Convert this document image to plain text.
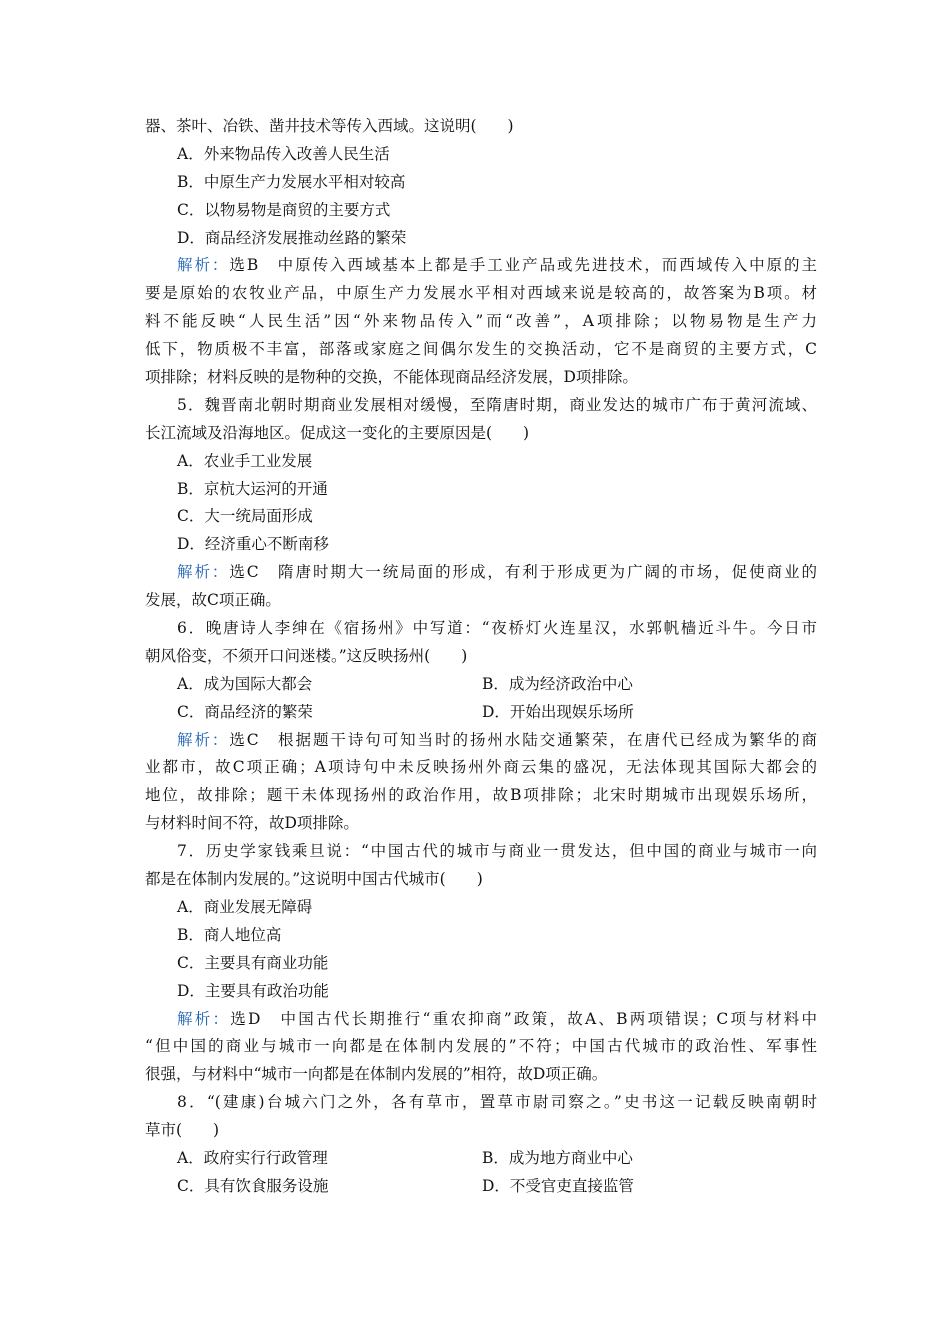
器、茶叶、冶铁、凿井技术等传入西域。这说明(　　)
A．外来物品传入改善人民生活
B．中原生产力发展水平相对较高
C．以物易物是商贸的主要方式
D．商品经济发展推动丝路的繁荣
解析：选B　中原传入西域基本上都是手工业产品或先进技术，而西域传入中原的主
要是原始的农牧业产品，中原生产力发展水平相对西域来说是较高的，故答案为B项。材
料不能反映“人民生活”因“外来物品传入”而“改善”，A项排除；以物易物是生产力
低下，物质极不丰富，部落或家庭之间偶尔发生的交换活动，它不是商贸的主要方式，C
项排除；材料反映的是物种的交换，不能体现商品经济发展，D项排除。
5．魏晋南北朝时期商业发展相对缓慢，至隋唐时期，商业发达的城市广布于黄河流域、
长江流域及沿海地区。促成这一变化的主要原因是(　　)
A．农业手工业发展
B．京杭大运河的开通
C．大一统局面形成
D．经济重心不断南移
解析：选C　隋唐时期大一统局面的形成，有利于形成更为广阔的市场，促使商业的
发展，故C项正确。
6．晚唐诗人李绅在《宿扬州》中写道：“夜桥灯火连星汉，水郭帆樯近斗牛。今日市
朝风俗变，不须开口问迷楼。”这反映扬州(　　)
A．成为国际大都会	B．成为经济政治中心
C．商品经济的繁荣	D．开始出现娱乐场所
解析：选C　根据题干诗句可知当时的扬州水陆交通繁荣，在唐代已经成为繁华的商
业都市，故C项正确；A项诗句中未反映扬州外商云集的盛况，无法体现其国际大都会的
地位，故排除；题干未体现扬州的政治作用，故B项排除；北宋时期城市出现娱乐场所，
与材料时间不符，故D项排除。
7．历史学家钱乘旦说：“中国古代的城市与商业一贯发达，但中国的商业与城市一向
都是在体制内发展的。”这说明中国古代城市(　　)
A．商业发展无障碍
B．商人地位高
C．主要具有商业功能
D．主要具有政治功能
解析：选D　中国古代长期推行“重农抑商”政策，故A、B两项错误；C项与材料中
“但中国的商业与城市一向都是在体制内发展的”不符；中国古代城市的政治性、军事性
很强，与材料中“城市一向都是在体制内发展的”相符，故D项正确。
8．“(建康)台城六门之外，各有草市，置草市尉司察之。”史书这一记载反映南朝时
草市(　　)
A．政府实行行政管理	B．成为地方商业中心
C．具有饮食服务设施	D．不受官吏直接监管
